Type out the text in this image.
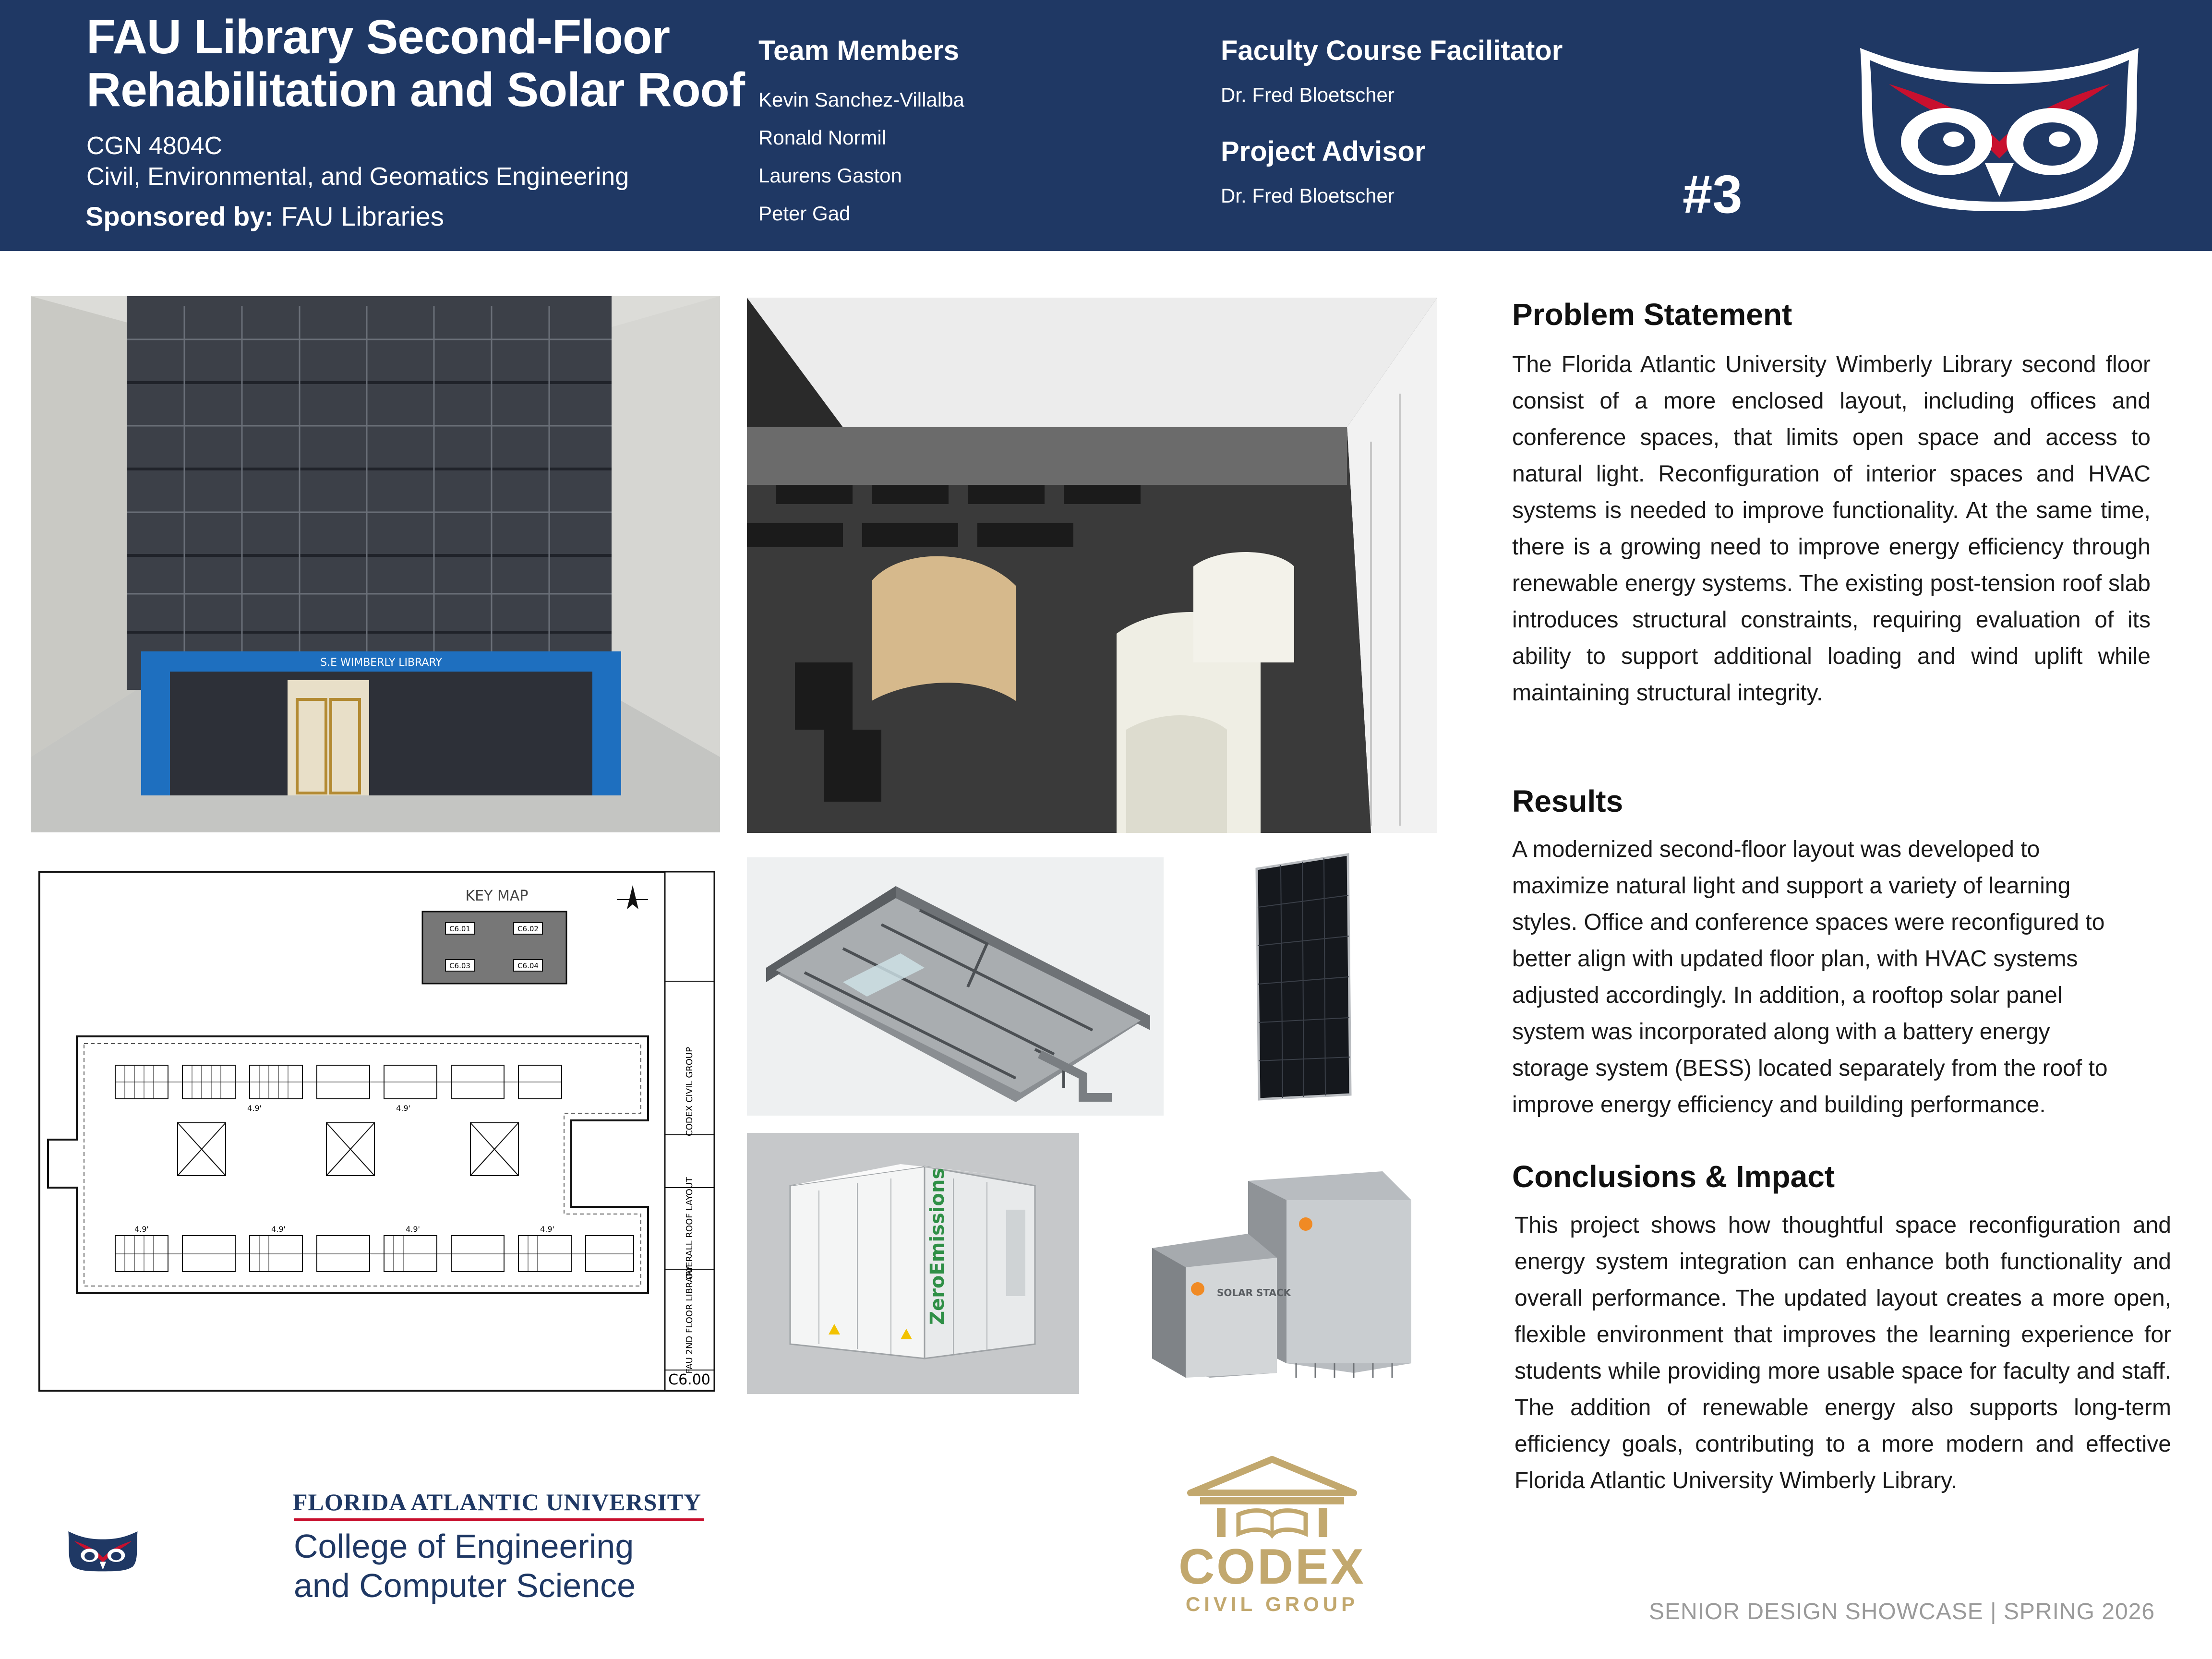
FAU Library Second-Floor
Rehabilitation and Solar Roof
CGN 4804C
Civil, Environmental, and Geomatics Engineering
Sponsored by: FAU Libraries
Team Members
Kevin Sanchez-Villalba
Ronald Normil
Laurens Gaston
Peter Gad
Faculty Course Facilitator
Dr. Fred Bloetscher
Project Advisor
Dr. Fred Bloetscher	#3
S.E WIMBERLY LIBRARY
CODEX CIVIL GROUP
OVERALL ROOF LAYOUT
FAU 2ND FLOOR LIBRARY
C6.00
KEY MAP
C6.01	C6.02
C6.03	C6.04
4.9'	4.9'
4.9'	4.9'	4.9'	4.9'	ZeroEmissions	SOLAR STACK
Problem Statement
The Florida Atlantic University Wimberly Library second floor consist of a more enclosed layout, including offices and conference spaces, that limits open space and access to natural light. Reconfiguration of interior spaces and HVAC systems is needed to improve functionality. At the same time, there is a growing need to improve energy efficiency through renewable energy systems. The existing post-tension roof slab introduces structural constraints, requiring evaluation of its ability to support additional loading and wind uplift while maintaining structural integrity.
Results
A modernized second-floor layout was developed to
maximize natural light and support a variety of learning
styles. Office and conference spaces were reconfigured to
better align with updated floor plan, with HVAC systems
adjusted accordingly. In addition, a rooftop solar panel
system was incorporated along with a battery energy
storage system (BESS) located separately from the roof to
improve energy efficiency and building performance.
Conclusions & Impact
This project shows how thoughtful space reconfiguration and energy system integration can enhance both functionality and overall performance. The updated layout creates a more open, flexible environment that improves the learning experience for students while providing more usable space for faculty and staff. The addition of renewable energy also supports long-term efficiency goals, contributing to a more modern and effective Florida Atlantic University Wimberly Library.
FLORIDA ATLANTIC UNIVERSITY
College of Engineering
and Computer Science	CODEX
CIVIL GROUP	SENIOR DESIGN SHOWCASE | SPRING 2026
